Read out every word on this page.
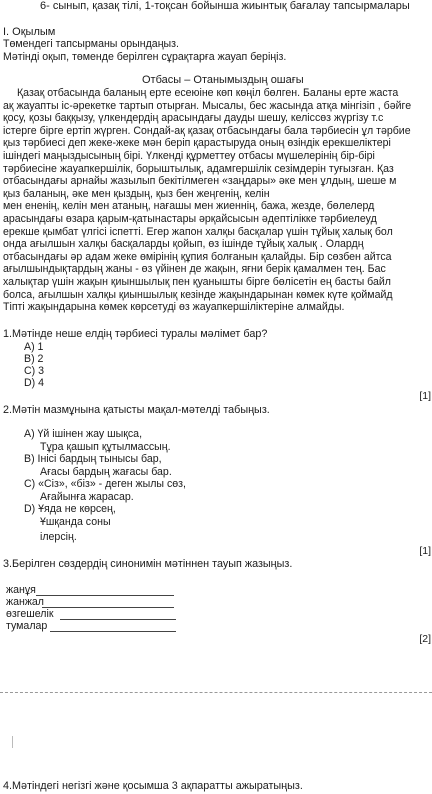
6- сынып, қазақ тілі, 1-тоқсан бойынша жиынтық бағалау тапсырмалары
I. Оқылым
Төмендегі тапсырманы орындаңыз.
Мәтінді оқып, төменде берілген сұрақтарға жауап беріңіз.
Отбасы – Отанымыздың ошағы
Қазақ отбасында баланың ерте есеюіне көп көңіл бөлген. Баланы ерте жаста
ақ жауапты іс-әрекетке тартып отырған. Мысалы, бес жасында атқа мінгізіп , бәйге
қосу, қозы баққызу, үлкендердің арасындағы дауды шешу, келіссөз жүргізу т.с
істерге бірге ертіп жүрген. Сондай-ақ қазақ отбасындағы бала тәрбиесін ұл тәрбие
қыз тәрбиесі деп жеке-жеке мән беріп қарастыруда оның өзіндік ерекшеліктері
ішіндегі маңыздысының бірі. Үлкенді құрметтеу отбасы мүшелерінің бір-бірі
тәрбиесіне жауапкершілік, борыштылық, адамгершілік сезімдерін туғызған. Қаз
отбасындағы арнайы жазылып бекітілмеген «заңдары» әке мен ұлдың, шеше м
қыз баланың, әке мен қыздың, қыз бен жеңгенің, келін
мен ененің, келін мен атаның, нағашы мен жиеннің, бажа, жезде, бөлелерд
арасындағы өзара қарым-қатынастары әрқайсысын әдептілікке тәрбиелеуд
ерекше қымбат үлгісі іспетті. Егер жапон халқы басқалар үшін тұйық халық бол
онда ағылшын халқы басқаларды қойып, өз ішінде тұйық халық . Олардң
отбасындағы әр адам жеке өмірінің құпия болғанын қалайды. Бір сөзбен айтса
ағылшындықтардың жаны - өз үйінен де жақын, яғни берік қамалмен тең. Бас
халықтар үшін жақын қиыншылық пен қуанышты бірге бөлісетін ең басты байл
болса, ағылшын халқы қиыншылық кезінде жақындарынан көмек күте қоймайд
Тіпті жақындарына көмек көрсетуді өз жауапкершіліктеріне алмайды.
1.Мәтінде неше елдің тәрбиесі туралы мәлімет бар?
A) 1
B) 2
C) 3
D) 4
[1]
2.Мәтін мазмұнына қатысты мақал-мәтелді табыңыз.
A) Үй ішінен жау шықса,
Тұра қашып құтылмассың.
B) Інісі бардың тынысы бар,
Ағасы бардың жағасы бар.
C) «Сіз», «біз» - деген жылы сөз,
Ағайынға жарасар.
D) Ұяда не көрсең,
Ұшқанда соны
ілерсің.
[1]
3.Берілген сөздердің синонимін мәтіннен тауып жазыңыз.
жанұя
жанжал
өзгешелік
тумалар
[2]
4.Мәтіндегі негізгі және қосымша 3 ақпаратты ажыратыңыз.
